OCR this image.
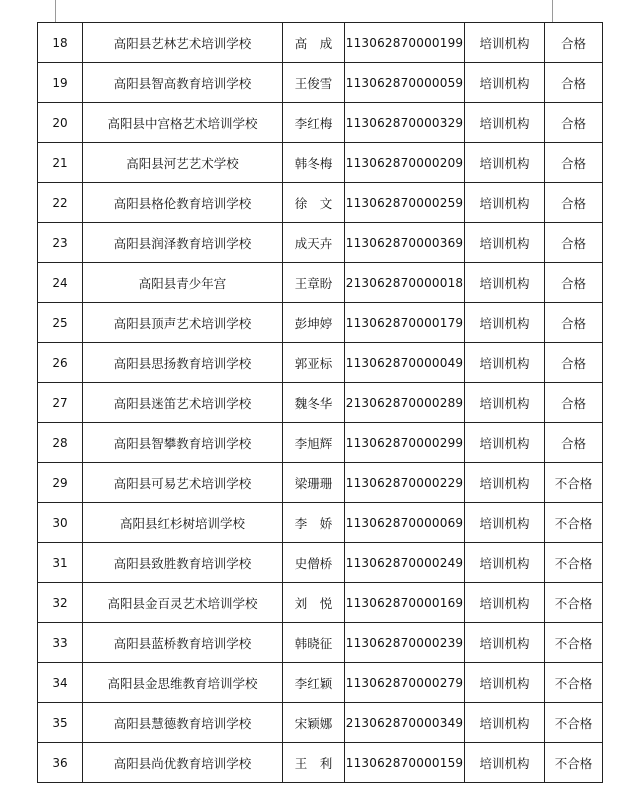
18	高阳县艺林艺术培训学校	高　成	113062870000199	培训机构	合格
19	高阳县智高教育培训学校	王俊雪	113062870000059	培训机构	合格
20	高阳县中宫格艺术培训学校	李红梅	113062870000329	培训机构	合格
21	高阳县河艺艺术学校	韩冬梅	113062870000209	培训机构	合格
22	高阳县格伦教育培训学校	徐　文	113062870000259	培训机构	合格
23	高阳县润泽教育培训学校	成天卉	113062870000369	培训机构	合格
24	高阳县青少年宫	王章盼	213062870000018	培训机构	合格
25	高阳县顶声艺术培训学校	彭坤婷	113062870000179	培训机构	合格
26	高阳县思扬教育培训学校	郭亚标	113062870000049	培训机构	合格
27	高阳县迷笛艺术培训学校	魏冬华	213062870000289	培训机构	合格
28	高阳县智攀教育培训学校	李旭辉	113062870000299	培训机构	合格
29	高阳县可易艺术培训学校	梁珊珊	113062870000229	培训机构	不合格
30	高阳县红杉树培训学校	李　娇	113062870000069	培训机构	不合格
31	高阳县致胜教育培训学校	史僧桥	113062870000249	培训机构	不合格
32	高阳县金百灵艺术培训学校	刘　悦	113062870000169	培训机构	不合格
33	高阳县蓝桥教育培训学校	韩晓征	113062870000239	培训机构	不合格
34	高阳县金思维教育培训学校	李红颖	113062870000279	培训机构	不合格
35	高阳县慧德教育培训学校	宋颖娜	213062870000349	培训机构	不合格
36	高阳县尚优教育培训学校	王　利	113062870000159	培训机构	不合格
